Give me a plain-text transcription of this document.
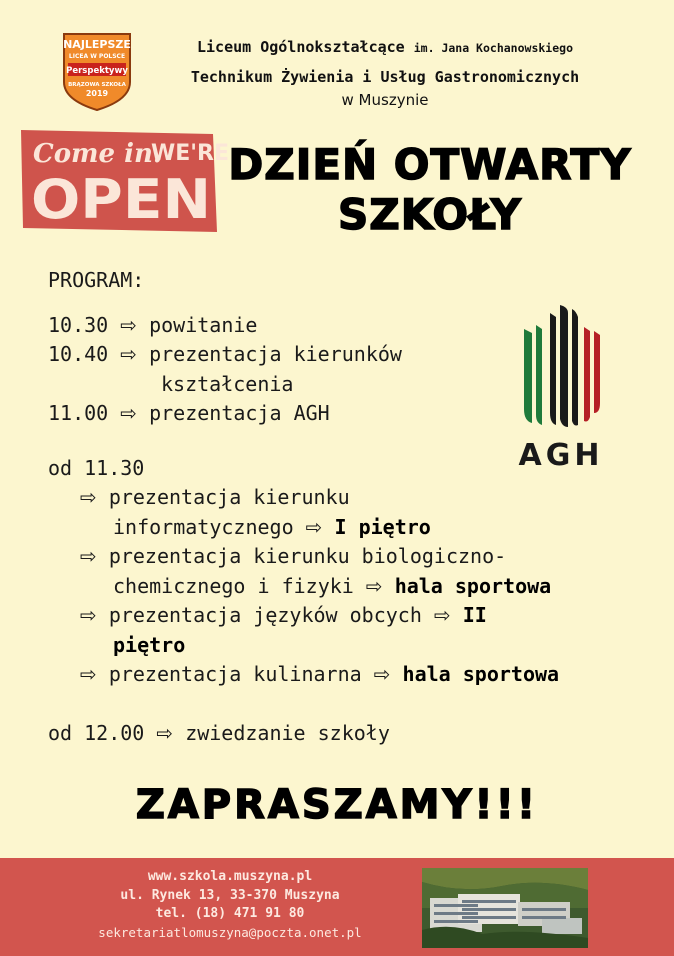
NAJLEPSZE
LICEA W POLSCE
Perspektywy
BRĄZOWA SZKOŁA
2019
Liceum Ogólnokształcące im. Jana Kochanowskiego
Technikum Żywienia i Usług Gastronomicznych
w Muszynie
Come in.
WE'RE
OPEN
DZIEŃ OTWARTY
SZKOŁY
PROGRAM:
10.30 ⇨ powitanie
10.40 ⇨ prezentacja kierunków
kształcenia
11.00 ⇨ prezentacja AGH
od 11.30
⇨ prezentacja kierunku
informatycznego ⇨ I piętro
⇨ prezentacja kierunku biologiczno-
chemicznego i fizyki ⇨ hala sportowa
⇨ prezentacja języków obcych ⇨ II
piętro
⇨ prezentacja kulinarna ⇨ hala sportowa
od 12.00 ⇨ zwiedzanie szkoły
AGH
ZAPRASZAMY!!!
www.szkola.muszyna.pl
ul. Rynek 13, 33-370 Muszyna
tel. (18) 471 91 80
sekretariatlomuszyna@poczta.onet.pl
